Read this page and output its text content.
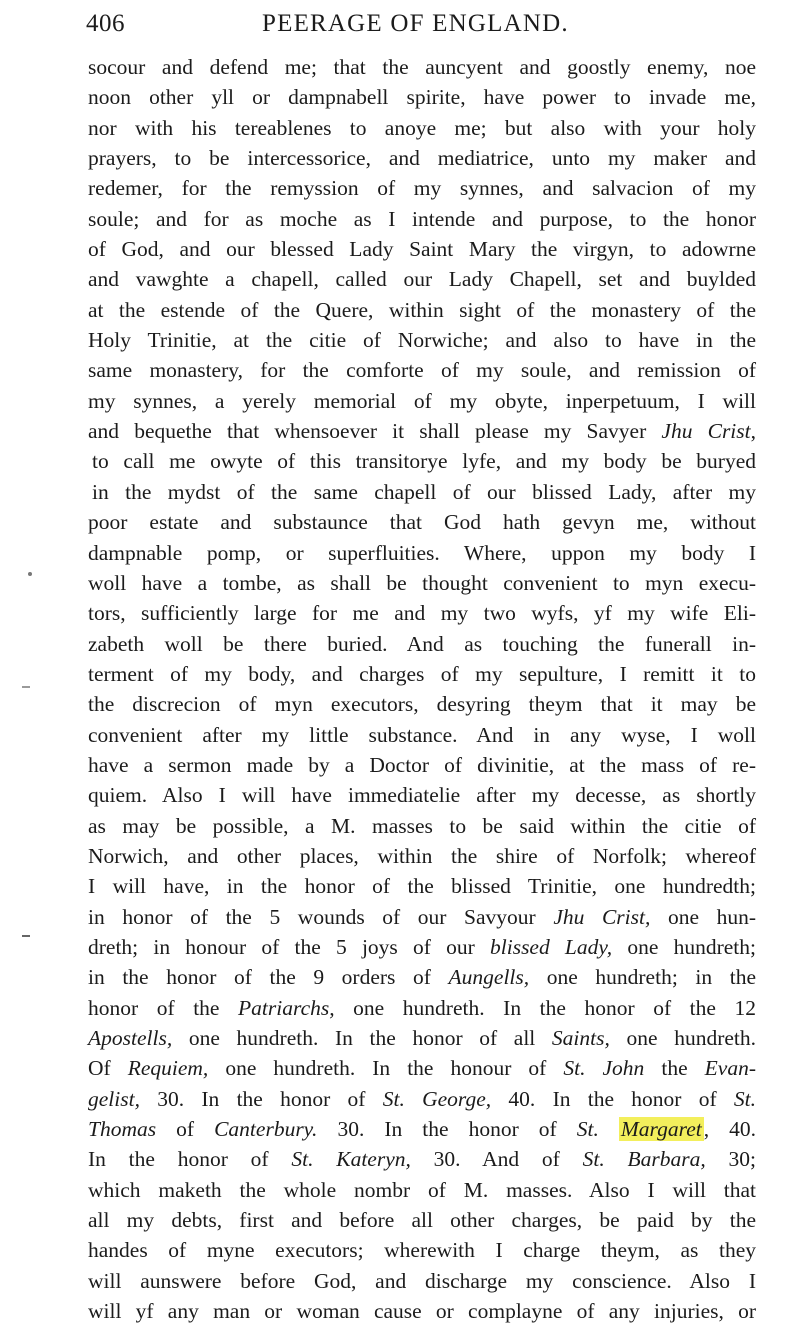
406	PEERAGE OF ENGLAND.
socour and defend me; that the auncyent and goostly enemy, noe
noon other yll or dampnabell spirite, have power to invade me,
nor with his tereablenes to anoye me; but also with your holy
prayers, to be intercessorice, and mediatrice, unto my maker and
redemer, for the remyssion of my synnes, and salvacion of my
soule; and for as moche as I intende and purpose, to the honor
of God, and our blessed Lady Saint Mary the virgyn, to adowrne
and vawghte a chapell, called our Lady Chapell, set and buylded
at the estende of the Quere, within sight of the monastery of the
Holy Trinitie, at the citie of Norwiche; and also to have in the
same monastery, for the comforte of my soule, and remission of
my synnes, a yerely memorial of my obyte, inperpetuum, I will
and bequethe that whensoever it shall please my Savyer Jhu Crist,
to call me owyte of this transitorye lyfe, and my body be buryed
in the mydst of the same chapell of our blissed Lady, after my
poor estate and substaunce that God hath gevyn me, without
dampnable pomp, or superfluities. Where, uppon my body I
woll have a tombe, as shall be thought convenient to myn execu-
tors, sufficiently large for me and my two wyfs, yf my wife Eli-
zabeth woll be there buried. And as touching the funerall in-
terment of my body, and charges of my sepulture, I remitt it to
the discrecion of myn executors, desyring theym that it may be
convenient after my little substance. And in any wyse, I woll
have a sermon made by a Doctor of divinitie, at the mass of re-
quiem. Also I will have immediatelie after my decesse, as shortly
as may be possible, a M. masses to be said within the citie of
Norwich, and other places, within the shire of Norfolk; whereof
I will have, in the honor of the blissed Trinitie, one hundredth;
in honor of the 5 wounds of our Savyour Jhu Crist, one hun-
dreth; in honour of the 5 joys of our blissed Lady, one hundreth;
in the honor of the 9 orders of Aungells, one hundreth; in the
honor of the Patriarchs, one hundreth. In the honor of the 12
Apostells, one hundreth. In the honor of all Saints, one hundreth.
Of Requiem, one hundreth. In the honour of St. John the Evan-
gelist, 30. In the honor of St. George, 40. In the honor of St.
Thomas of Canterbury. 30. In the honor of St. Margaret, 40.
In the honor of St. Kateryn, 30. And of St. Barbara, 30;
which maketh the whole nombr of M. masses. Also I will that
all my debts, first and before all other charges, be paid by the
handes of myne executors; wherewith I charge theym, as they
will aunswere before God, and discharge my conscience. Also I
will yf any man or woman cause or complayne of any injuries, or
